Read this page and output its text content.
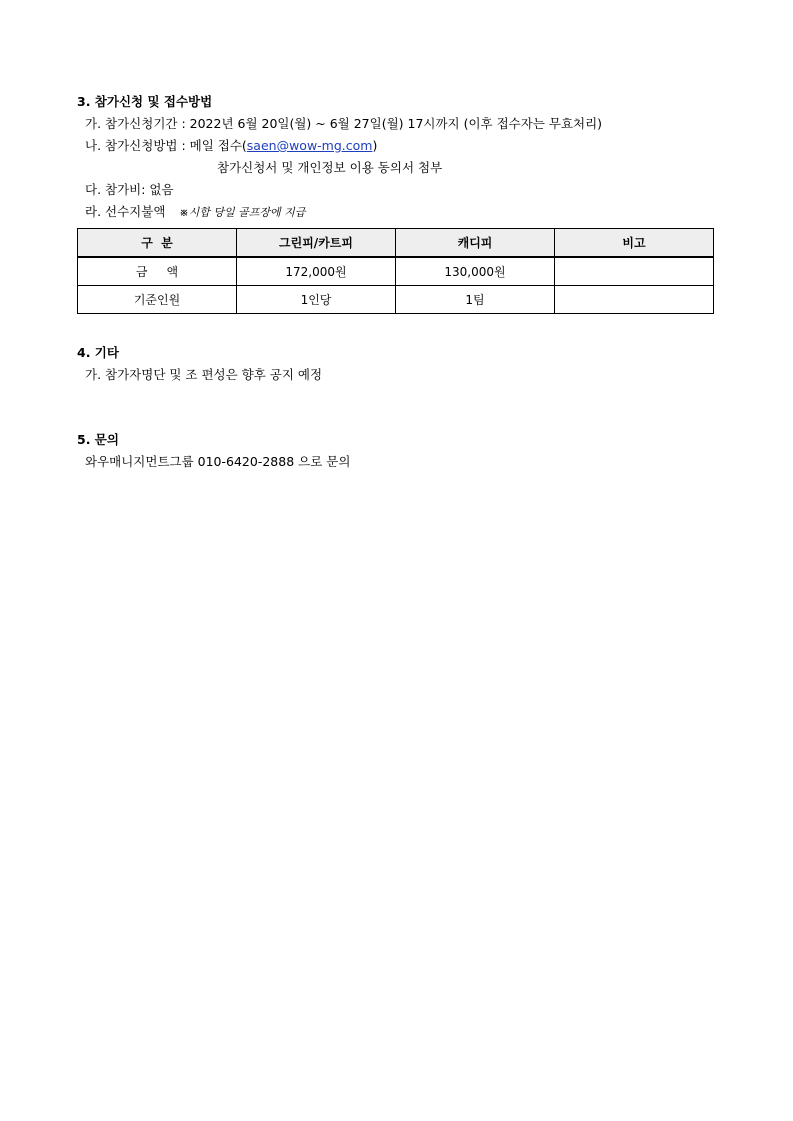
3. 참가신청 및 접수방법
가. 참가신청기간 : 2022년 6월 20일(월) ~ 6월 27일(월) 17시까지 (이후 접수자는 무효처리)
나. 참가신청방법 : 메일 접수(saen@wow-mg.com)
참가신청서 및 개인정보 이용 동의서 첨부
다. 참가비: 없음
라. 선수지불액 ※시합 당일 골프장에 지급
구  분	그린피/카트피	캐디피	비고
금     액	172,000원	130,000원	
기준인원	1인당	1팀	
4. 기타
가. 참가자명단 및 조 편성은 향후 공지 예정
5. 문의
와우매니지먼트그룹 010-6420-2888 으로 문의
